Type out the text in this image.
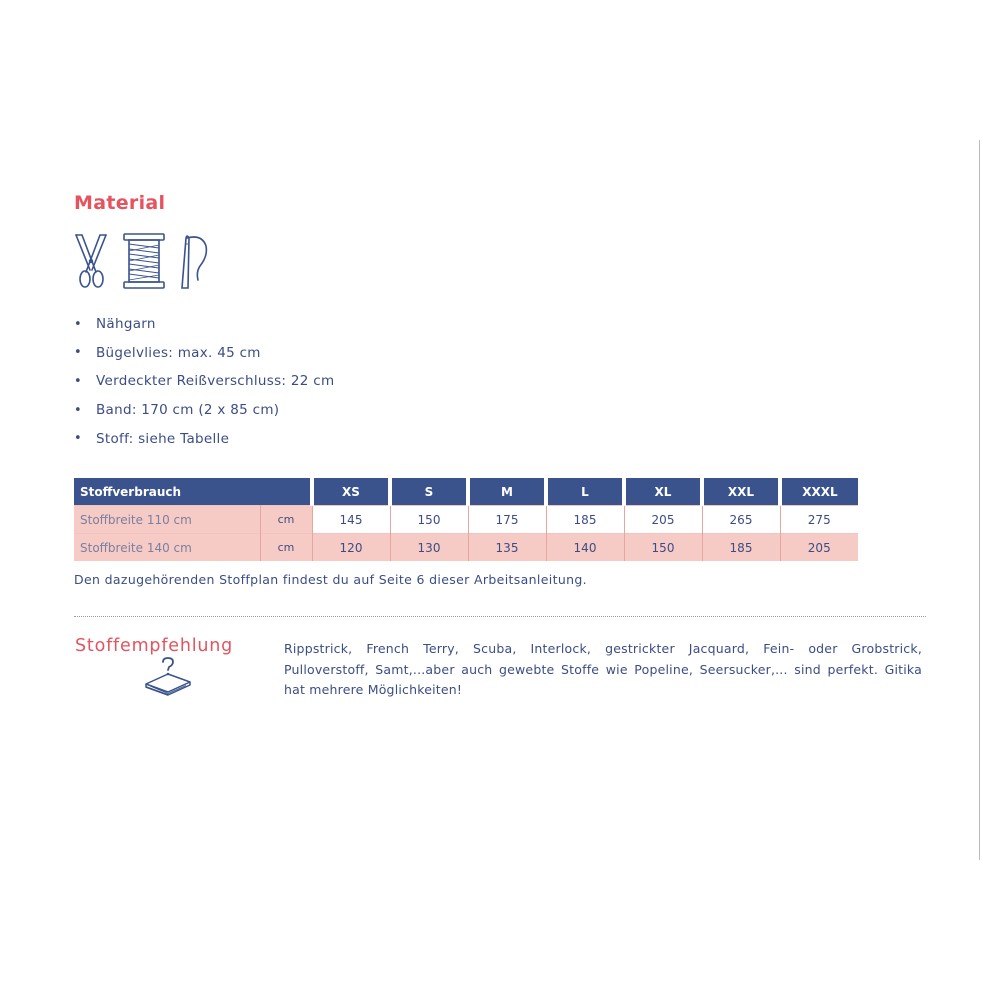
Material
•	Nähgarn
•	Bügelvlies: max. 45 cm
•	Verdeckter Reißverschluss: 22 cm
•	Band: 170 cm (2 x 85 cm)
•	Stoff: siehe Tabelle
Stoffverbrauch		XS	S	M	L	XL	XXL	XXXL
Stoffbreite 110 cm	cm	145	150	175	185	205	265	275
Stoffbreite 140 cm	cm	120	130	135	140	150	185	205
Den dazugehörenden Stoffplan findest du auf Seite 6 dieser Arbeitsanleitung.
Stoffempfehlung	Rippstrick, French Terry, Scuba, Interlock, gestrickter Jacquard, Fein- oder Grobstrick, Pulloverstoff, Samt,...aber auch gewebte Stoffe wie Popeline, Seersucker,... sind perfekt. Gitika hat mehrere Möglichkeiten!
